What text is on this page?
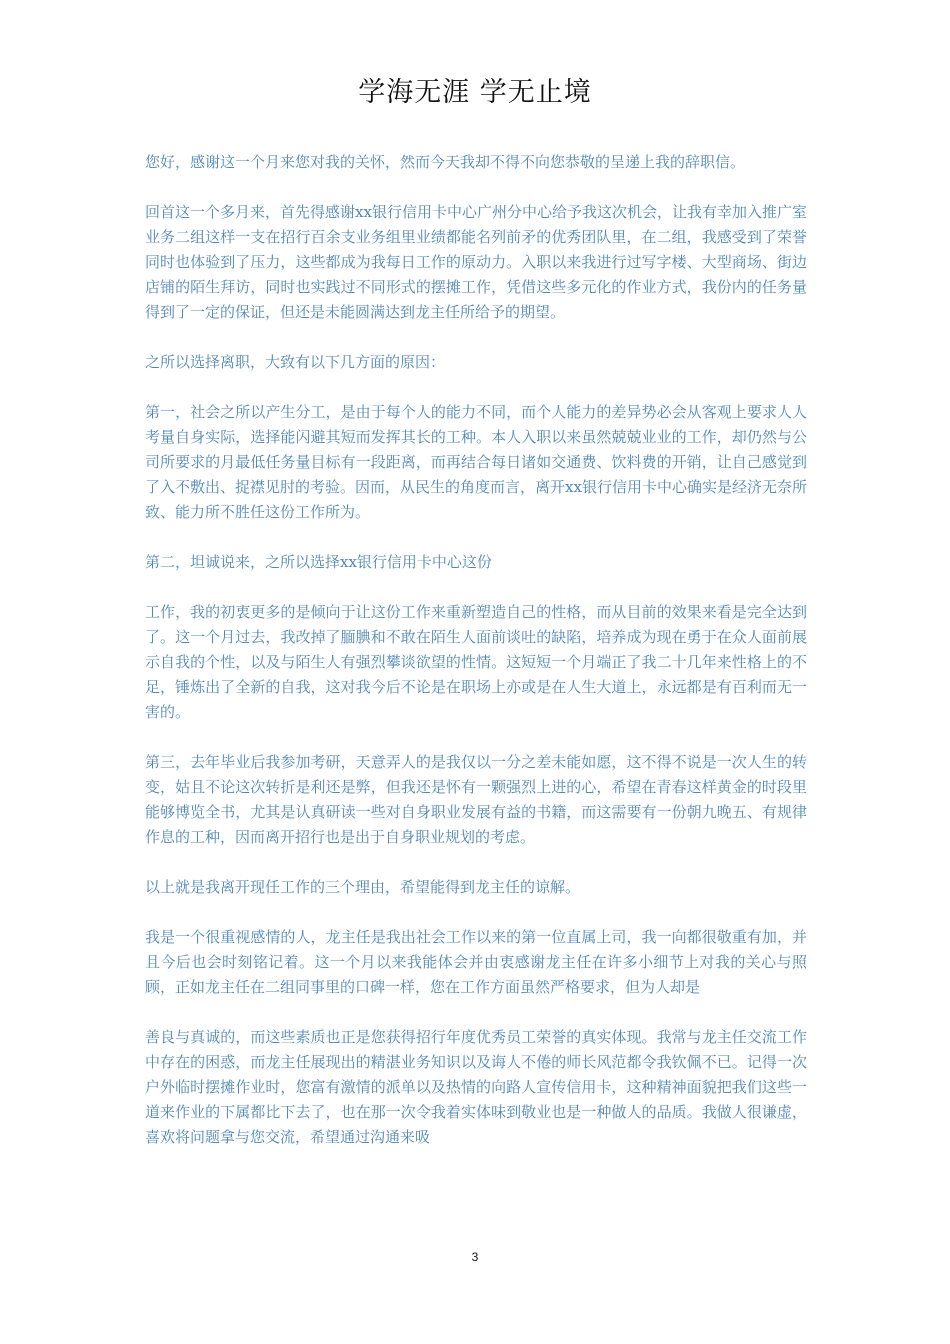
学海无涯 学无止境

您好，感谢这一个月来您对我的关怀，然而今天我却不得不向您恭敬的呈递上我的辞职信。

回首这一个多月来，首先得感谢xx银行信用卡中心广州分中心给予我这次机会，让我有幸加入推广室业务二组这样一支在招行百余支业务组里业绩都能名列前矛的优秀团队里，在二组，我感受到了荣誉同时也体验到了压力，这些都成为我每日工作的原动力。入职以来我进行过写字楼、大型商场、街边店铺的陌生拜访，同时也实践过不同形式的摆摊工作，凭借这些多元化的作业方式，我份内的任务量得到了一定的保证，但还是未能圆满达到龙主任所给予的期望。

之所以选择离职，大致有以下几方面的原因：

第一，社会之所以产生分工，是由于每个人的能力不同，而个人能力的差异势必会从客观上要求人人考量自身实际，选择能闪避其短而发挥其长的工种。本人入职以来虽然兢兢业业的工作，却仍然与公司所要求的月最低任务量目标有一段距离，而再结合每日诸如交通费、饮料费的开销，让自己感觉到了入不敷出、捉襟见肘的考验。因而，从民生的角度而言，离开xx银行信用卡中心确实是经济无奈所致、能力所不胜任这份工作所为。

第二，坦诚说来，之所以选择xx银行信用卡中心这份

工作，我的初衷更多的是倾向于让这份工作来重新塑造自己的性格，而从目前的效果来看是完全达到了。这一个月过去，我改掉了腼腆和不敢在陌生人面前谈吐的缺陷，培养成为现在勇于在众人面前展示自我的个性，以及与陌生人有强烈攀谈欲望的性情。这短短一个月端正了我二十几年来性格上的不足，锤炼出了全新的自我，这对我今后不论是在职场上亦或是在人生大道上，永远都是有百利而无一害的。

第三，去年毕业后我参加考研，天意弄人的是我仅以一分之差未能如愿，这不得不说是一次人生的转变，姑且不论这次转折是利还是弊，但我还是怀有一颗强烈上进的心，希望在青春这样黄金的时段里能够博览全书，尤其是认真研读一些对自身职业发展有益的书籍，而这需要有一份朝九晚五、有规律作息的工种，因而离开招行也是出于自身职业规划的考虑。

以上就是我离开现任工作的三个理由，希望能得到龙主任的谅解。

我是一个很重视感情的人，龙主任是我出社会工作以来的第一位直属上司，我一向都很敬重有加，并且今后也会时刻铭记着。这一个月以来我能体会并由衷感谢龙主任在许多小细节上对我的关心与照顾，正如龙主任在二组同事里的口碑一样，您在工作方面虽然严格要求，但为人却是

善良与真诚的，而这些素质也正是您获得招行年度优秀员工荣誉的真实体现。我常与龙主任交流工作中存在的困惑，而龙主任展现出的精湛业务知识以及诲人不倦的师长风范都令我钦佩不已。记得一次户外临时摆摊作业时，您富有激情的派单以及热情的向路人宣传信用卡，这种精神面貌把我们这些一道来作业的下属都比下去了，也在那一次令我着实体味到敬业也是一种做人的品质。我做人很谦虚，喜欢将问题拿与您交流，希望通过沟通来吸

3
